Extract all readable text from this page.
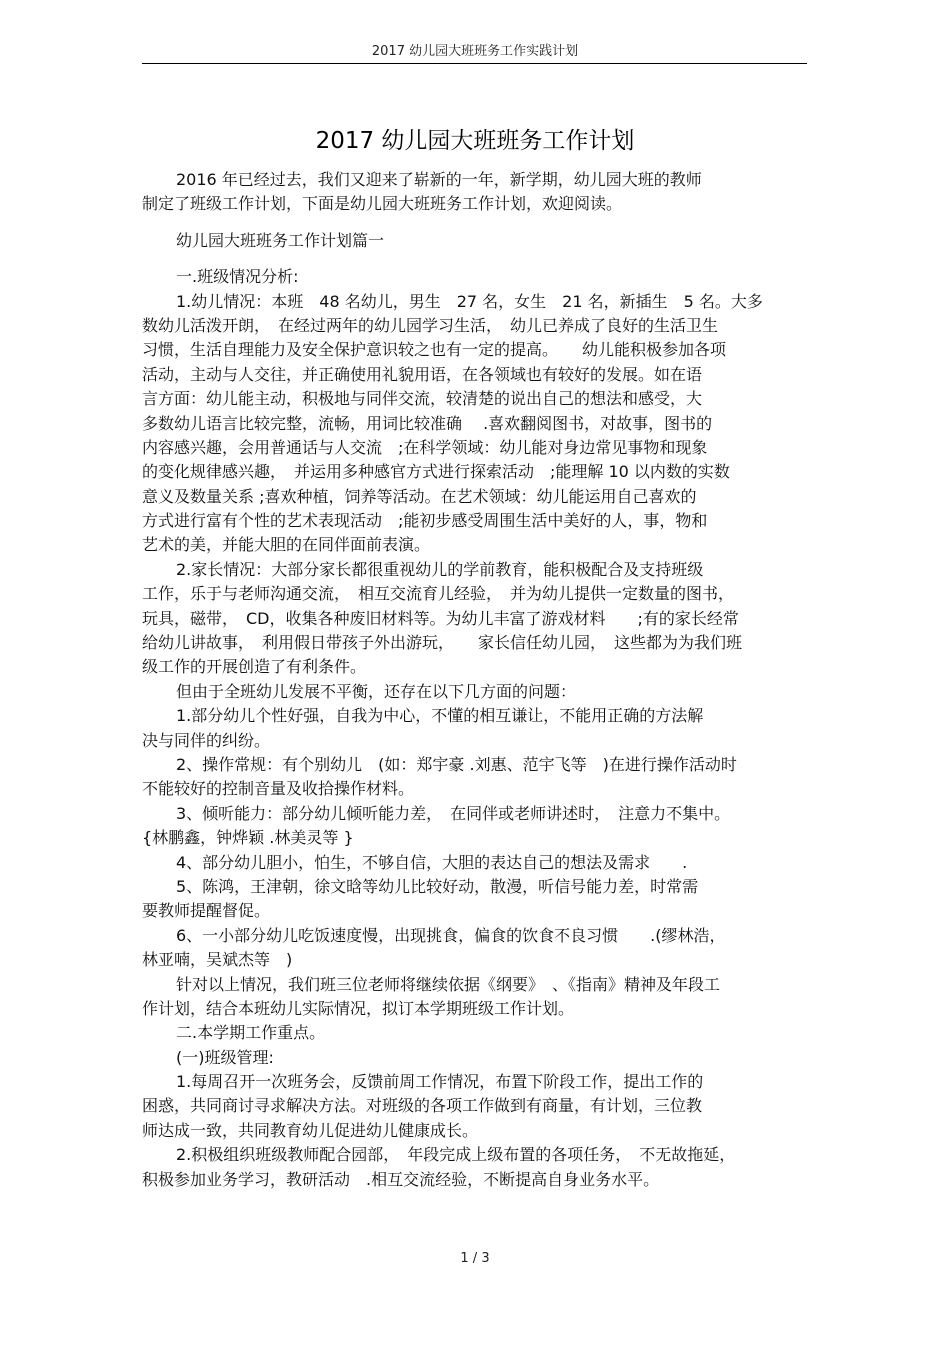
2017 幼儿园大班班务工作实践计划
2017 幼儿园大班班务工作计划
2016 年已经过去，我们又迎来了崭新的一年，新学期，幼儿园大班的教师
制定了班级工作计划，下面是幼儿园大班班务工作计划，欢迎阅读。
幼儿园大班班务工作计划篇一
一.班级情况分析:
1.幼儿情况：本班　48 名幼儿，男生　27 名，女生　21 名，新插生　5 名。大多
数幼儿活泼开朗，　在经过两年的幼儿园学习生活，　幼儿已养成了良好的生活卫生
习惯，生活自理能力及安全保护意识较之也有一定的提高。　　幼儿能积极参加各项
活动，主动与人交往，并正确使用礼貌用语，在各领域也有较好的发展。如在语
言方面：幼儿能主动，积极地与同伴交流，较清楚的说出自己的想法和感受，大
多数幼儿语言比较完整，流畅，用词比较准确　 .喜欢翻阅图书，对故事，图书的
内容感兴趣，会用普通话与人交流　;在科学领域：幼儿能对身边常见事物和现象
的变化规律感兴趣，　并运用多种感官方式进行探索活动　;能理解 10 以内数的实数
意义及数量关系 ;喜欢种植，饲养等活动。在艺术领域：幼儿能运用自己喜欢的
方式进行富有个性的艺术表现活动　;能初步感受周围生活中美好的人，事，物和
艺术的美，并能大胆的在同伴面前表演。
2.家长情况：大部分家长都很重视幼儿的学前教育，能积极配合及支持班级
工作，乐于与老师沟通交流，　相互交流育儿经验，　并为幼儿提供一定数量的图书，
玩具，磁带，　CD，收集各种废旧材料等。为幼儿丰富了游戏材料　　;有的家长经常
给幼儿讲故事，　利用假日带孩子外出游玩，　　家长信任幼儿园，　这些都为为我们班
级工作的开展创造了有利条件。
但由于全班幼儿发展不平衡，还存在以下几方面的问题：
1.部分幼儿个性好强，自我为中心，不懂的相互谦让，不能用正确的方法解
决与同伴的纠纷。
2、操作常规：有个别幼儿　(如：郑宇豪 .刘惠、范宇飞等　)在进行操作活动时
不能较好的控制音量及收拾操作材料。
3、倾听能力：部分幼儿倾听能力差，　在同伴或老师讲述时，　注意力不集中。
{林鹏鑫，钟烨颖 .林美灵等 }
4、部分幼儿胆小，怕生，不够自信，大胆的表达自己的想法及需求　　.
5、陈鸿，王津朝，徐文晗等幼儿比较好动，散漫，听信号能力差，时常需
要教师提醒督促。
6、一小部分幼儿吃饭速度慢，出现挑食，偏食的饮食不良习惯　　.(缪林浩，
林亚喃，吴斌杰等　)
针对以上情况，我们班三位老师将继续依据《纲要》　、《指南》精神及年段工
作计划，结合本班幼儿实际情况，拟订本学期班级工作计划。
二.本学期工作重点。
(一)班级管理:
1.每周召开一次班务会，反馈前周工作情况，布置下阶段工作，提出工作的
困惑，共同商讨寻求解决方法。对班级的各项工作做到有商量，有计划，三位教
师达成一致，共同教育幼儿促进幼儿健康成长。
2.积极组织班级教师配合园部，　年段完成上级布置的各项任务，　不无故拖延，
积极参加业务学习，教研活动　.相互交流经验，不断提高自身业务水平。
1 / 3
